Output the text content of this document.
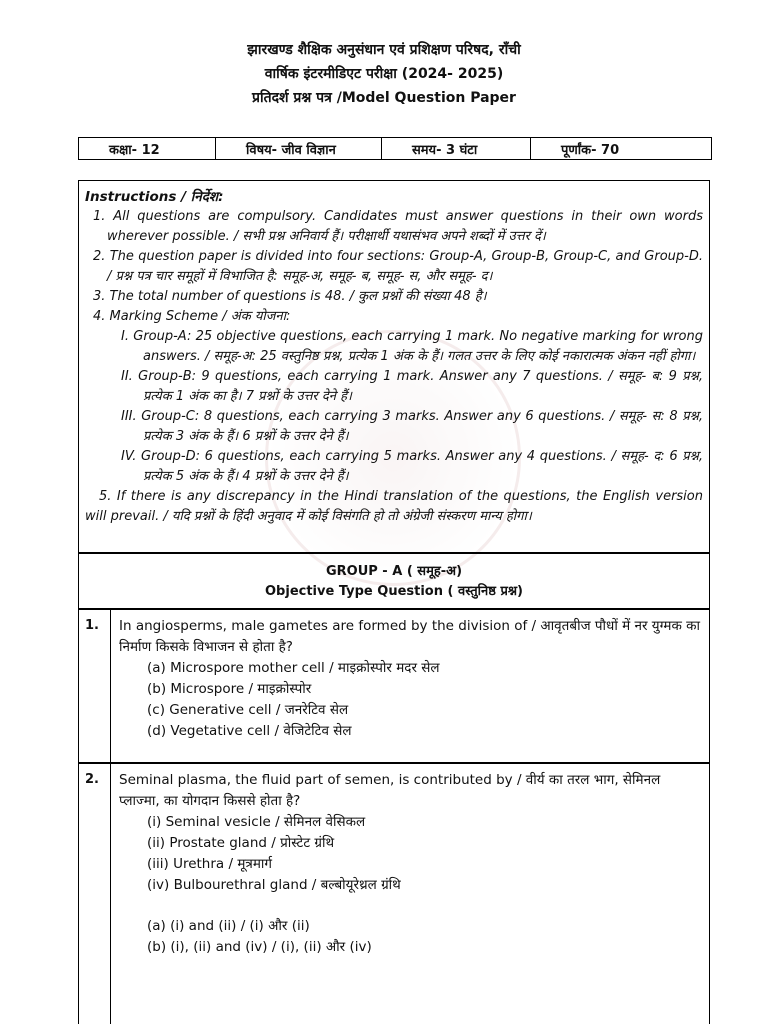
झारखण्ड शैक्षिक अनुसंधान एवं प्रशिक्षण परिषद, राँची
वार्षिक इंटरमीडिएट परीक्षा (2024- 2025)
प्रतिदर्श प्रश्न पत्र /Model Question Paper
कक्षा- 12	विषय- जीव विज्ञान	समय- 3 घंटा	पूर्णांक- 70

Instructions / निर्देश:

1. All questions are compulsory. Candidates must answer questions in their own words wherever possible. / सभी प्रश्न अनिवार्य हैं। परीक्षार्थी यथासंभव अपने शब्दों में उत्तर दें।

2. The question paper is divided into four sections: Group-A, Group-B, Group-C, and Group-D. / प्रश्न पत्र चार समूहों में विभाजित है: समूह-अ, समूह- ब, समूह- स, और समूह- द।

3. The total number of questions is 48. / कुल प्रश्नों की संख्या 48 है।

4. Marking Scheme / अंक योजना:

I. Group-A: 25 objective questions, each carrying 1 mark. No negative marking for wrong answers. / समूह-अ: 25 वस्तुनिष्ठ प्रश्न, प्रत्येक 1 अंक के हैं। गलत उत्तर के लिए कोई नकारात्मक अंकन नहीं होगा।

II. Group-B: 9 questions, each carrying 1 mark. Answer any 7 questions. / समूह- ब: 9 प्रश्न, प्रत्येक 1 अंक का है। 7 प्रश्नों के उत्तर देने हैं।

III. Group-C: 8 questions, each carrying 3 marks. Answer any 6 questions. / समूह- स: 8 प्रश्न, प्रत्येक 3 अंक के हैं। 6 प्रश्नों के उत्तर देने हैं।

IV. Group-D: 6 questions, each carrying 5 marks. Answer any 4 questions. / समूह- द: 6 प्रश्न, प्रत्येक 5 अंक के हैं। 4 प्रश्नों के उत्तर देने हैं।

5. If there is any discrepancy in the Hindi translation of the questions, the English version will prevail. / यदि प्रश्नों के हिंदी अनुवाद में कोई विसंगति हो तो अंग्रेजी संस्करण मान्य होगा।

GROUP - A ( समूह-अ)
Objective Type Question ( वस्तुनिष्ठ प्रश्न)
1.	In angiosperms, male gametes are formed by the division of / आवृतबीज पौधों में नर युग्मक का निर्माण किसके विभाजन से होता है?
(a) Microspore mother cell / माइक्रोस्पोर मदर सेल
(b) Microspore / माइक्रोस्पोर
(c) Generative cell / जनरेटिव सेल
(d) Vegetative cell / वेजिटेटिव सेल
2.	Seminal plasma, the fluid part of semen, is contributed by / वीर्य का तरल भाग, सेमिनल प्लाज्मा, का योगदान किससे होता है?
(i) Seminal vesicle / सेमिनल वेसिकल
(ii) Prostate gland / प्रोस्टेट ग्रंथि
(iii) Urethra / मूत्रमार्ग
(iv) Bulbourethral gland / बल्बोयूरेथ्रल ग्रंथि
(a) (i) and (ii) / (i) और (ii)
(b) (i), (ii) and (iv) / (i), (ii) और (iv)
